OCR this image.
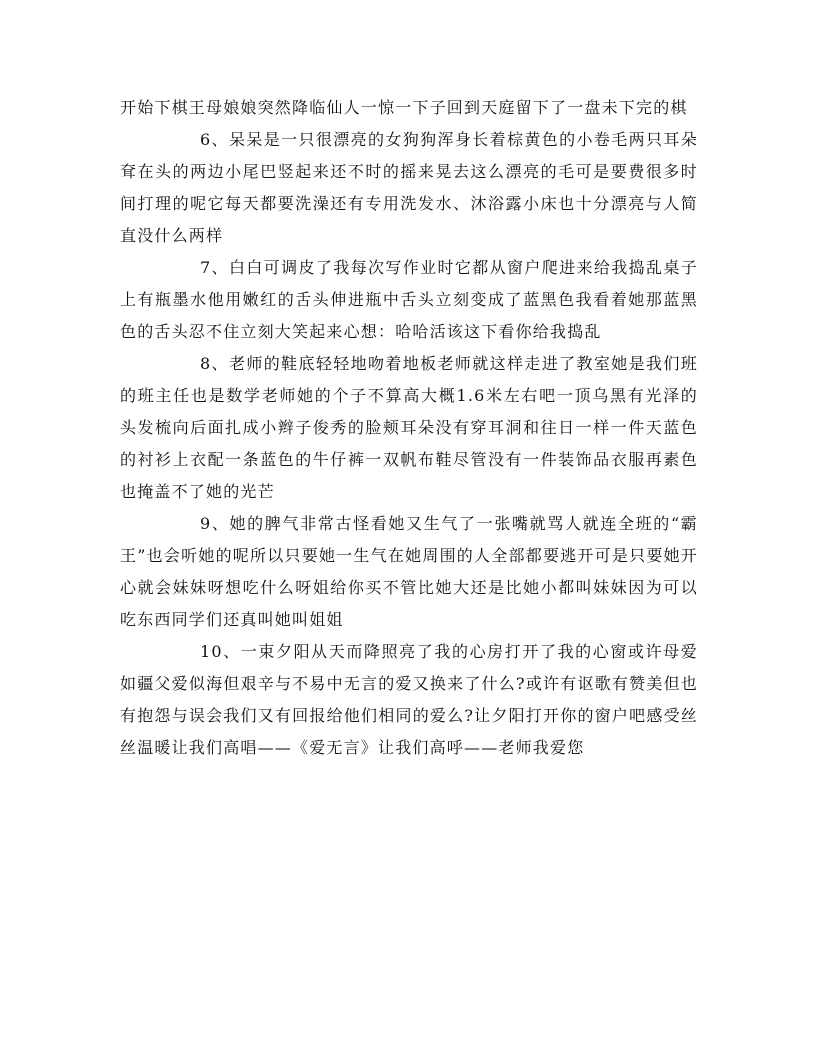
开始下棋王母娘娘突然降临仙人一惊一下子回到天庭留下了一盘未下完的棋

6、呆呆是一只很漂亮的女狗狗浑身长着棕黄色的小卷毛两只耳朵耷在头的两边小尾巴竖起来还不时的摇来晃去这么漂亮的毛可是要费很多时间打理的呢它每天都要洗澡还有专用洗发水、沐浴露小床也十分漂亮与人简直没什么两样

7、白白可调皮了我每次写作业时它都从窗户爬进来给我捣乱桌子上有瓶墨水他用嫩红的舌头伸进瓶中舌头立刻变成了蓝黑色我看着她那蓝黑色的舌头忍不住立刻大笑起来心想：哈哈活该这下看你给我捣乱

8、老师的鞋底轻轻地吻着地板老师就这样走进了教室她是我们班的班主任也是数学老师她的个子不算高大概1.6米左右吧一顶乌黑有光泽的头发梳向后面扎成小辫子俊秀的脸颊耳朵没有穿耳洞和往日一样一件天蓝色的衬衫上衣配一条蓝色的牛仔裤一双帆布鞋尽管没有一件装饰品衣服再素色也掩盖不了她的光芒

9、她的脾气非常古怪看她又生气了一张嘴就骂人就连全班的“霸王”也会听她的呢所以只要她一生气在她周围的人全部都要逃开可是只要她开心就会妹妹呀想吃什么呀姐给你买不管比她大还是比她小都叫妹妹因为可以吃东西同学们还真叫她叫姐姐

10、一束夕阳从天而降照亮了我的心房打开了我的心窗或许母爱如疆父爱似海但艰辛与不易中无言的爱又换来了什么?或许有讴歌有赞美但也有抱怨与误会我们又有回报给他们相同的爱么?让夕阳打开你的窗户吧感受丝丝温暖让我们高唱——《爱无言》让我们高呼——老师我爱您
